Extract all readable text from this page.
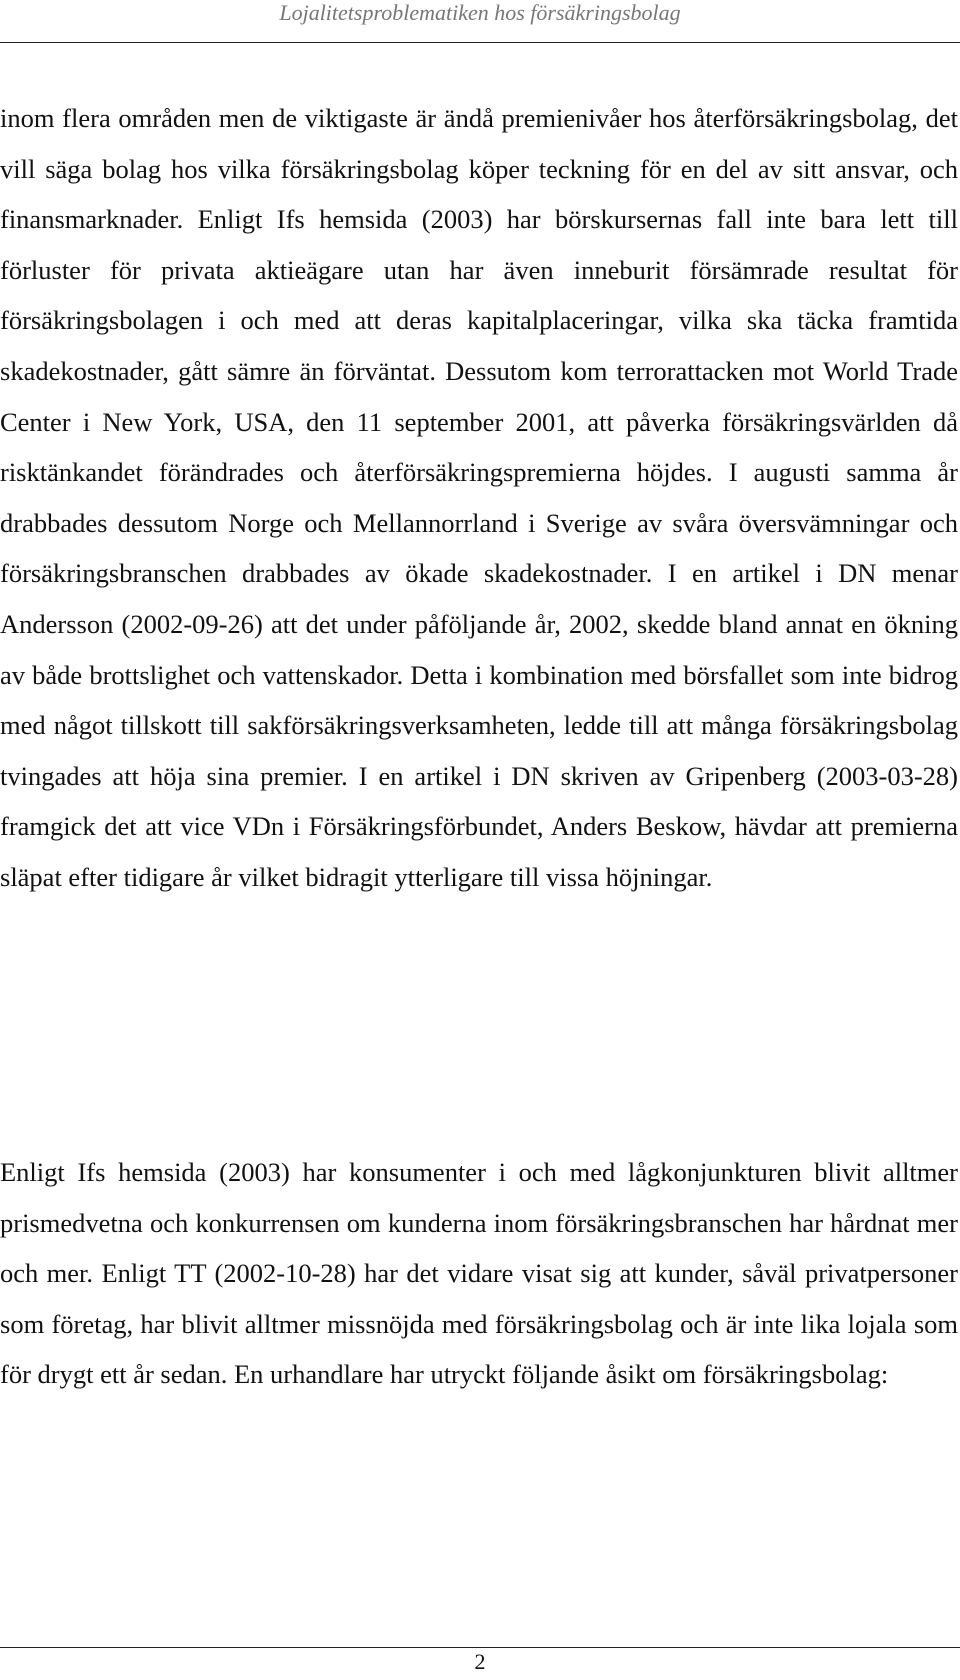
Lojalitetsproblematiken hos försäkringsbolag

inom flera områden men de viktigaste är ändå premienivåer hos återförsäkringsbolag, det vill säga bolag hos vilka försäkringsbolag köper teckning för en del av sitt ansvar, och finansmarknader. Enligt Ifs hemsida (2003) har börskursernas fall inte bara lett till förluster för privata aktieägare utan har även inneburit försämrade resultat för försäkringsbolagen i och med att deras kapitalplaceringar, vilka ska täcka framtida skadekostnader, gått sämre än förväntat. Dessutom kom terrorattacken mot World Trade Center i New York, USA, den 11 september 2001, att påverka försäkringsvärlden då risktänkandet förändrades och återförsäkringspremierna höjdes. I augusti samma år drabbades dessutom Norge och Mellannorrland i Sverige av svåra översvämningar och försäkringsbranschen drabbades av ökade skadekostnader. I en artikel i DN menar Andersson (2002-09-26) att det under påföljande år, 2002, skedde bland annat en ökning av både brottslighet och vattenskador. Detta i kombination med börsfallet som inte bidrog med något tillskott till sakförsäkringsverksamheten, ledde till att många försäkringsbolag tvingades att höja sina premier. I en artikel i DN skriven av Gripenberg (2003-03-28) framgick det att vice VDn i Försäkringsförbundet, Anders Beskow, hävdar att premierna släpat efter tidigare år vilket bidragit ytterligare till vissa höjningar.

Enligt Ifs hemsida (2003) har konsumenter i och med lågkonjunkturen blivit alltmer prismedvetna och konkurrensen om kunderna inom försäkringsbranschen har hårdnat mer och mer. Enligt TT (2002-10-28) har det vidare visat sig att kunder, såväl privatpersoner som företag, har blivit alltmer missnöjda med försäkringsbolag och är inte lika lojala som för drygt ett år sedan. En urhandlare har utryckt följande åsikt om försäkringsbolag:

2
